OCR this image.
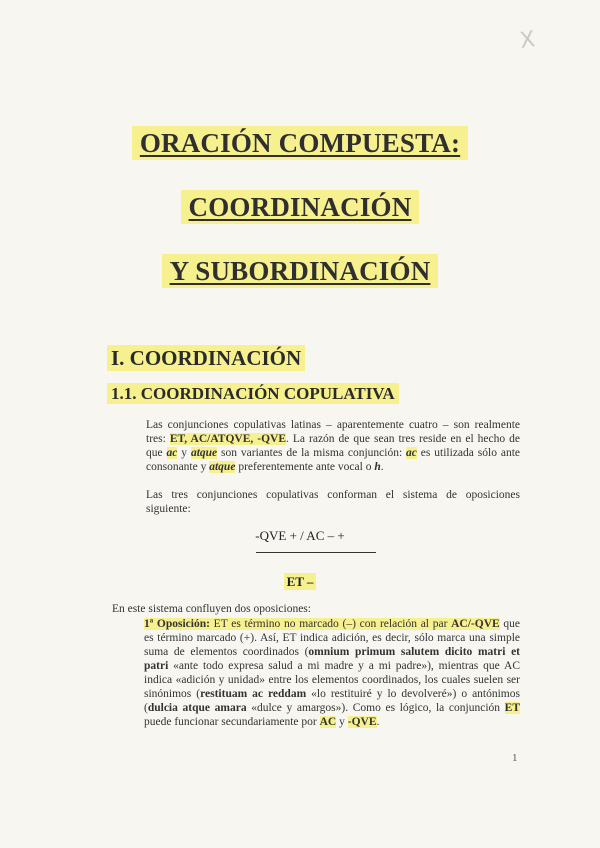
X
ORACIÓN COMPUESTA:
COORDINACIÓN
Y SUBORDINACIÓN
I. COORDINACIÓN
1.1. COORDINACIÓN COPULATIVA
Las conjunciones copulativas latinas – aparentemente cuatro – son realmente tres: ET, AC/ATQVE, -QVE. La razón de que sean tres reside en el hecho de que ac y atque son variantes de la misma conjunción: ac es utilizada sólo ante consonante y atque preferentemente ante vocal o h.
Las tres conjunciones copulativas conforman el sistema de oposiciones siguiente:
-QVE + / AC – +
ET –
En este sistema confluyen dos oposiciones:
1ª Oposición: ET es término no marcado (–) con relación al par AC/-QVE que es término marcado (+). Así, ET indica adición, es decir, sólo marca una simple suma de elementos coordinados (omnium primum salutem dicito matri et patri «ante todo expresa salud a mi madre y a mi padre»), mientras que AC indica «adición y unidad» entre los elementos coordinados, los cuales suelen ser sinónimos (restituam ac reddam «lo restituiré y lo devolveré») o antónimos (dulcia atque amara «dulce y amargos»). Como es lógico, la conjunción ET puede funcionar secundariamente por AC y -QVE.
1
